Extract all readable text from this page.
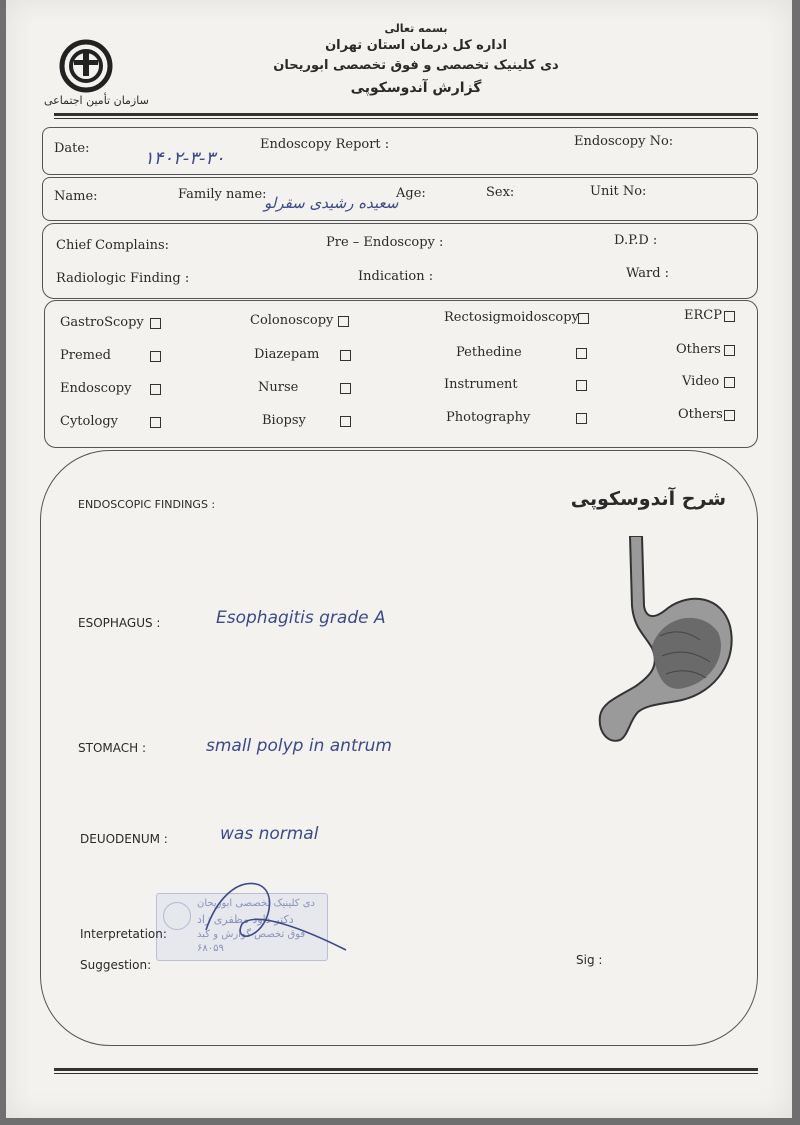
بسمه تعالی
اداره کل درمان استان تهران
دی کلینیک تخصصی و فوق تخصصی ابوریحان
گزارش آندوسکوپی
سازمان تأمین اجتماعی
Date:	۱۴۰۲-۳-۳۰
Endoscopy Report :	Endoscopy No:
Name:	Family name:
سعیده رشیدی سقرلو
Age:	Sex:	Unit No:
Chief Complains:	Pre – Endoscopy :	D.P.D :
Radiologic Finding :	Indication :	Ward :
GastroScopy	Colonoscopy	Rectosigmoidoscopy	ERCP
Premed	Diazepam	Pethedine	Others
Endoscopy	Nurse	Instrument	Video
Cytology	Biopsy	Photography	Others
ENDOSCOPIC FINDINGS :	شرح آندوسکوپی
ESOPHAGUS :	Esophagitis grade A
STOMACH :	small polyp in antrum
DEUODENUM :	was normal
دی کلینیک تخصصی ابوریحان
دکتر داود مظفری زاد
فوق تخصص گوارش و کبد
۶۸۰۵۹
Interpretation:
Suggestion:	Sig :
